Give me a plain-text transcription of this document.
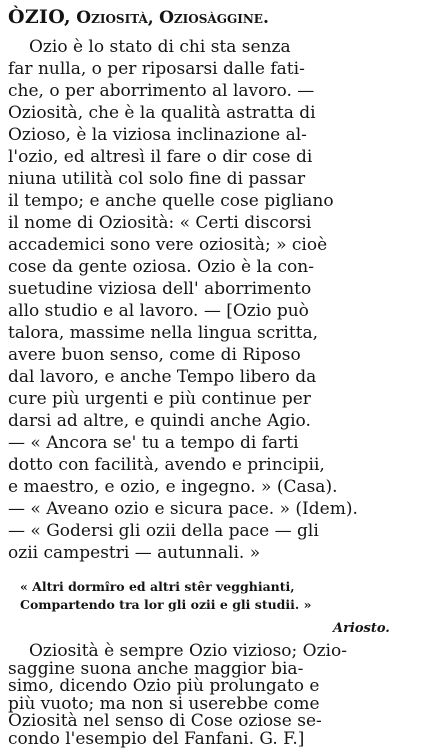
ÒZIO, Oziosità, Oziosàggine.
Ozio è lo stato di chi sta senza
far nulla, o per riposarsi dalle fati-
che, o per aborrimento al lavoro. —
Oziosità, che è la qualità astratta di
Ozioso, è la viziosa inclinazione al-
l'ozio, ed altresì il fare o dir cose di
niuna utilità col solo fine di passar
il tempo; e anche quelle cose pigliano
il nome di Oziosità: « Certi discorsi
accademici sono vere oziosità; » cioè
cose da gente oziosa. Ozio è la con-
suetudine viziosa dell' aborrimento
allo studio e al lavoro. — [Ozio può
talora, massime nella lingua scritta,
avere buon senso, come di Riposo
dal lavoro, e anche Tempo libero da
cure più urgenti e più continue per
darsi ad altre, e quindi anche Agio.
— « Ancora se' tu a tempo di farti
dotto con facilità, avendo e principii,
e maestro, e ozio, e ingegno. » (Casa).
— « Aveano ozio e sicura pace. » (Idem).
— « Godersi gli ozii della pace — gli
ozii campestri — autunnali. »
« Altri dormîro ed altri stêr vegghianti,
Compartendo tra lor gli ozii e gli studii. »
Ariosto.
Oziosità è sempre Ozio vizioso; Ozio-
saggine suona anche maggior bia-
simo, dicendo Ozio più prolungato e
più vuoto; ma non si userebbe come
Oziosità nel senso di Cose oziose se-
condo l'esempio del Fanfani. G. F.]
